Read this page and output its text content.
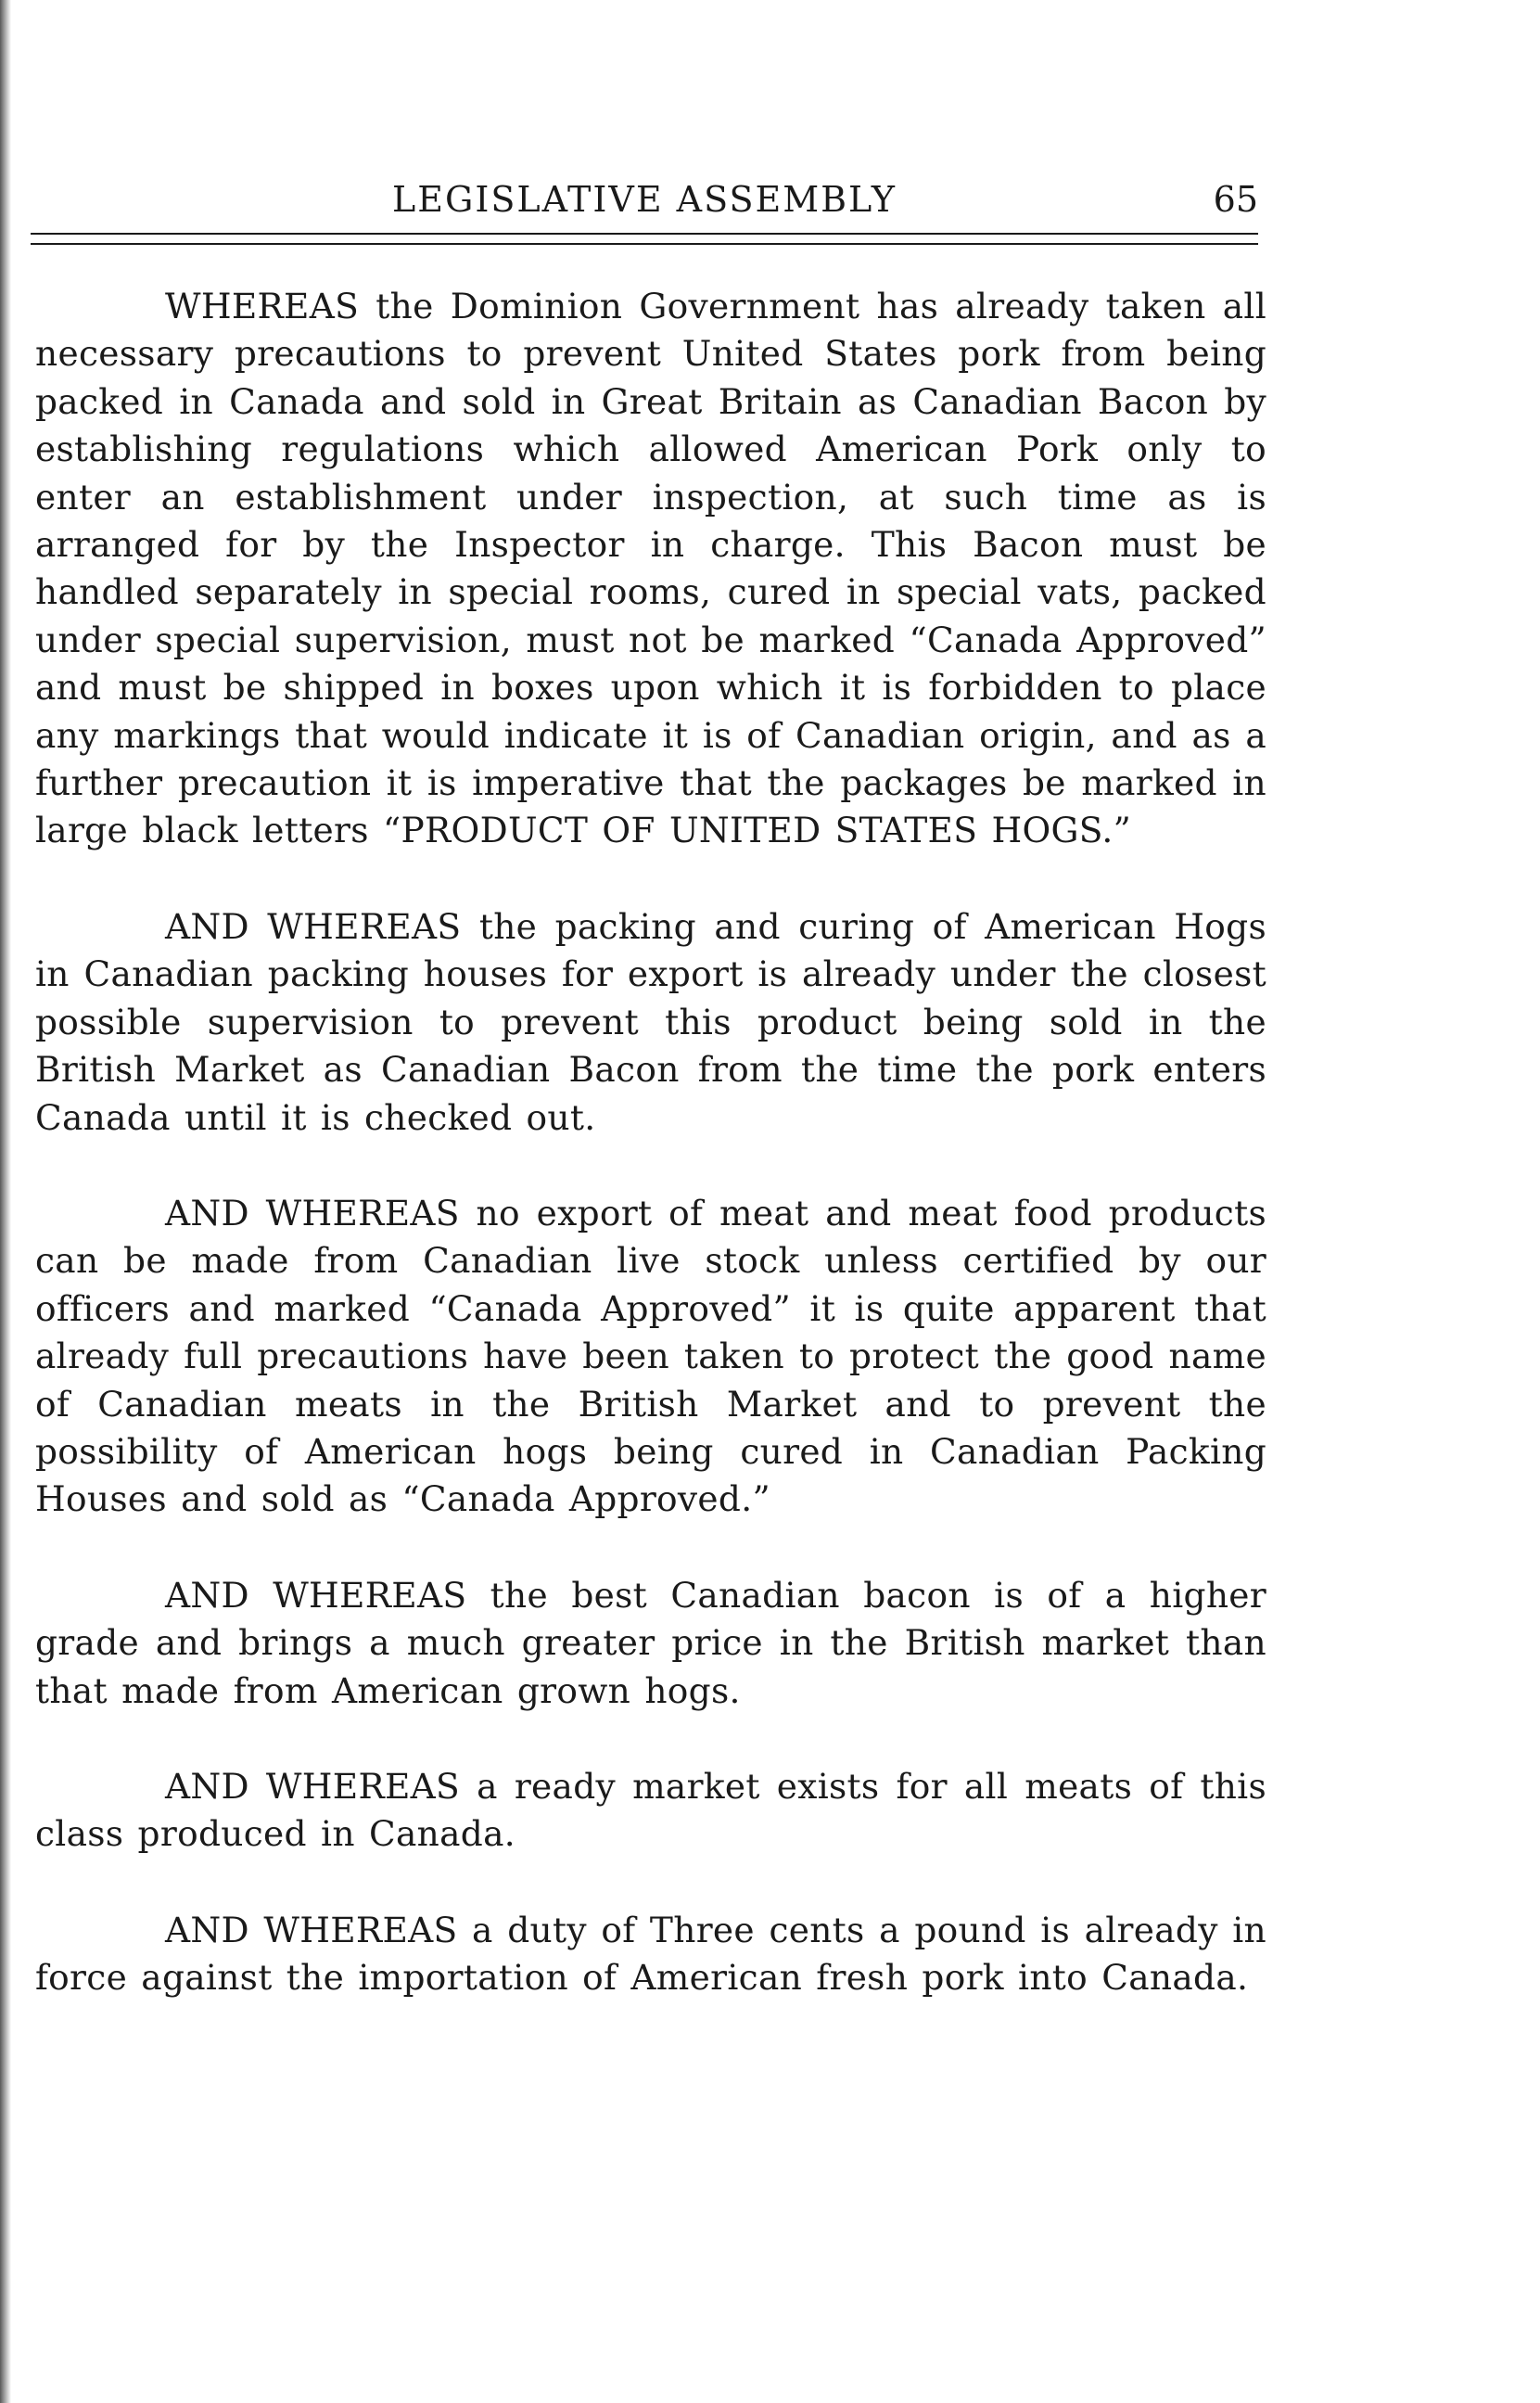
LEGISLATIVE ASSEMBLY	65

WHEREAS the Dominion Government has already taken all necessary precautions to prevent United States pork from being packed in Canada and sold in Great Britain as Canadian Bacon by establishing regulations which allowed American Pork only to enter an establishment under inspection, at such time as is arranged for by the Inspector in charge. This Bacon must be handled separately in special rooms, cured in special vats, packed under special supervision, must not be marked “Canada Approved” and must be shipped in boxes upon which it is forbidden to place any markings that would indicate it is of Canadian origin, and as a further precaution it is imperative that the packages be marked in large black letters “PRODUCT OF UNITED STATES HOGS.”

AND WHEREAS the packing and curing of American Hogs in Canadian packing houses for export is already under the closest possible supervision to prevent this product being sold in the British Market as Canadian Bacon from the time the pork enters Canada until it is checked out.

AND WHEREAS no export of meat and meat food products can be made from Canadian live stock unless certified by our officers and marked “Canada Approved” it is quite apparent that already full precautions have been taken to protect the good name of Canadian meats in the British Market and to prevent the possibility of American hogs being cured in Canadian Packing Houses and sold as “Canada Approved.”

AND WHEREAS the best Canadian bacon is of a higher grade and brings a much greater price in the British market than that made from American grown hogs.

AND WHEREAS a ready market exists for all meats of this class produced in Canada.

AND WHEREAS a duty of Three cents a pound is already in force against the importation of American fresh pork into Canada.
